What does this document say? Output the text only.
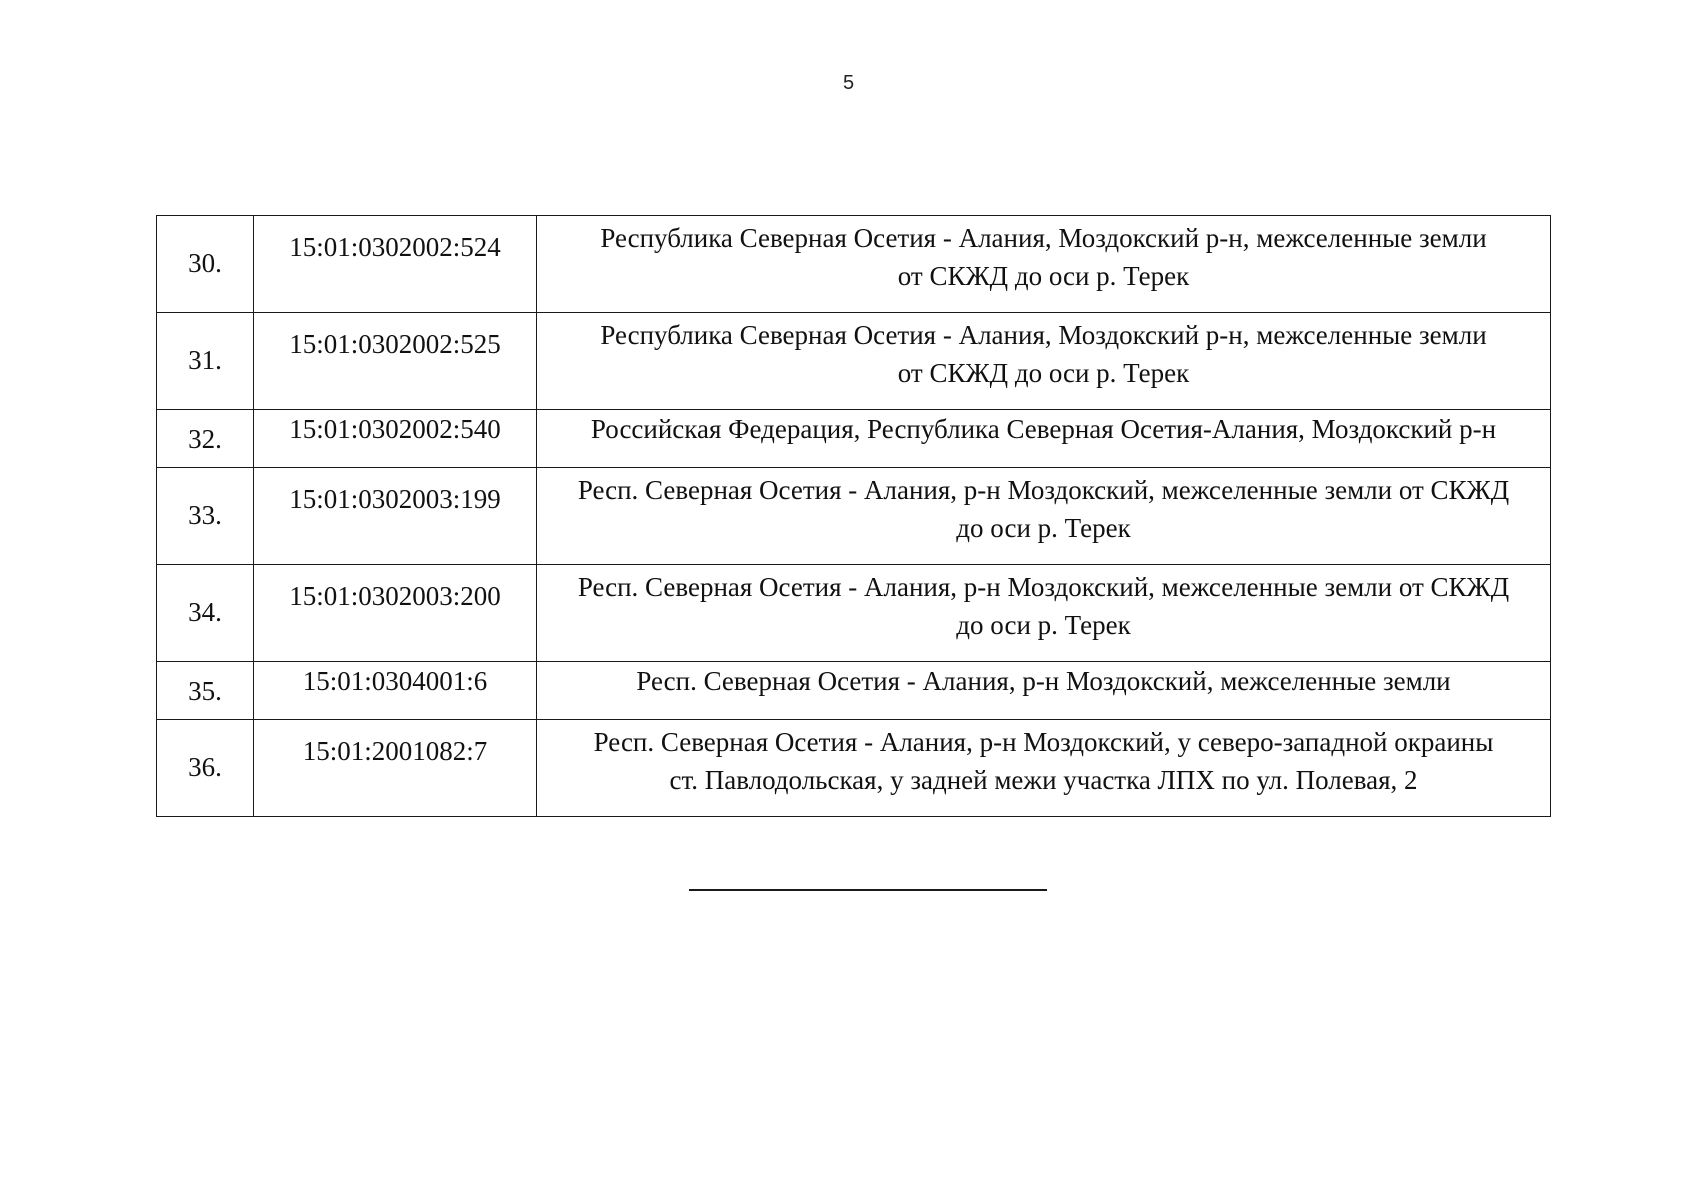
5
30.	15:01:0302002:524	Республика Северная Осетия - Алания, Моздокский р-н, межселенные земли
от СКЖД до оси р. Терек

31.	15:01:0302002:525	Республика Северная Осетия - Алания, Моздокский р-н, межселенные земли
от СКЖД до оси р. Терек

32.	15:01:0302002:540	Российская Федерация, Республика Северная Осетия-Алания, Моздокский р-н

33.	15:01:0302003:199	Респ. Северная Осетия - Алания, р-н Моздокский, межселенные земли от СКЖД
до оси р. Терек

34.	15:01:0302003:200	Респ. Северная Осетия - Алания, р-н Моздокский, межселенные земли от СКЖД
до оси р. Терек

35.	15:01:0304001:6	Респ. Северная Осетия - Алания, р-н Моздокский, межселенные земли

36.	15:01:2001082:7	Респ. Северная Осетия - Алания, р-н Моздокский, у северо-западной окраины
ст. Павлодольская, у задней межи участка ЛПХ по ул. Полевая, 2
